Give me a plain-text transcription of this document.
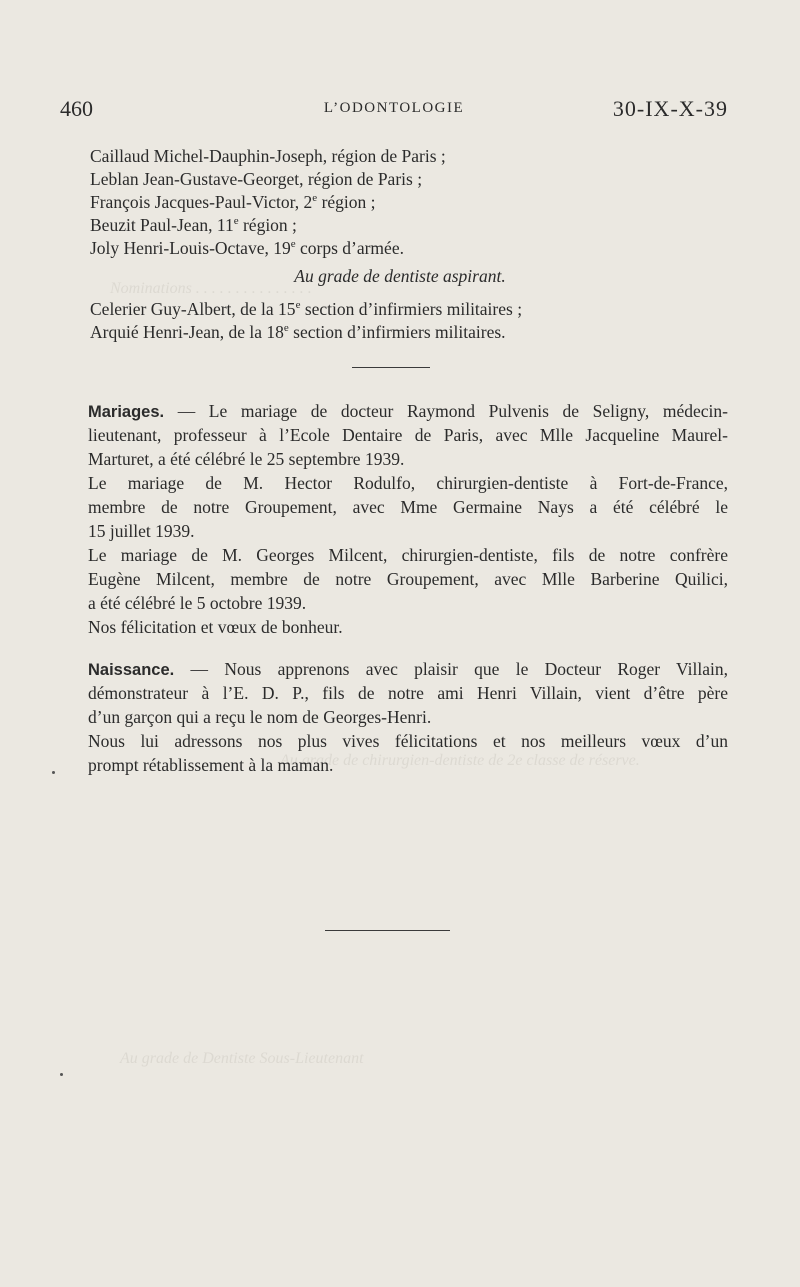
Nominations . . . . . . . . . . . . . . .
Au grade de chirurgien-dentiste de 2e classe de réserve.
Au grade de Dentiste Sous-Lieutenant
460	L’ODONTOLOGIE	30-IX-X-39
Caillaud Michel-Dauphin-Joseph, région de Paris ;
Leblan Jean-Gustave-Georget, région de Paris ;
François Jacques-Paul-Victor, 2e région ;
Beuzit Paul-Jean, 11e région ;
Joly Henri-Louis-Octave, 19e corps d’armée.
Au grade de dentiste aspirant.
Celerier Guy-Albert, de la 15e section d’infirmiers militaires ;
Arquié Henri-Jean, de la 18e section d’infirmiers militaires.
Mariages. — Le mariage de docteur Raymond Pulvenis de Seligny, médecin-
lieutenant, professeur à l’Ecole Dentaire de Paris, avec Mlle Jacqueline Maurel-
Marturet, a été célébré le 25 septembre 1939.
Le mariage de M. Hector Rodulfo, chirurgien-dentiste à Fort-de-France,
membre de notre Groupement, avec Mme Germaine Nays a été célébré le
15 juillet 1939.
Le mariage de M. Georges Milcent, chirurgien-dentiste, fils de notre confrère
Eugène Milcent, membre de notre Groupement, avec Mlle Barberine Quilici,
a été célébré le 5 octobre 1939.
Nos félicitation et vœux de bonheur.
Naissance. — Nous apprenons avec plaisir que le Docteur Roger Villain,
démonstrateur à l’E. D. P., fils de notre ami Henri Villain, vient d’être père
d’un garçon qui a reçu le nom de Georges-Henri.
Nous lui adressons nos plus vives félicitations et nos meilleurs vœux d’un
prompt rétablissement à la maman.
